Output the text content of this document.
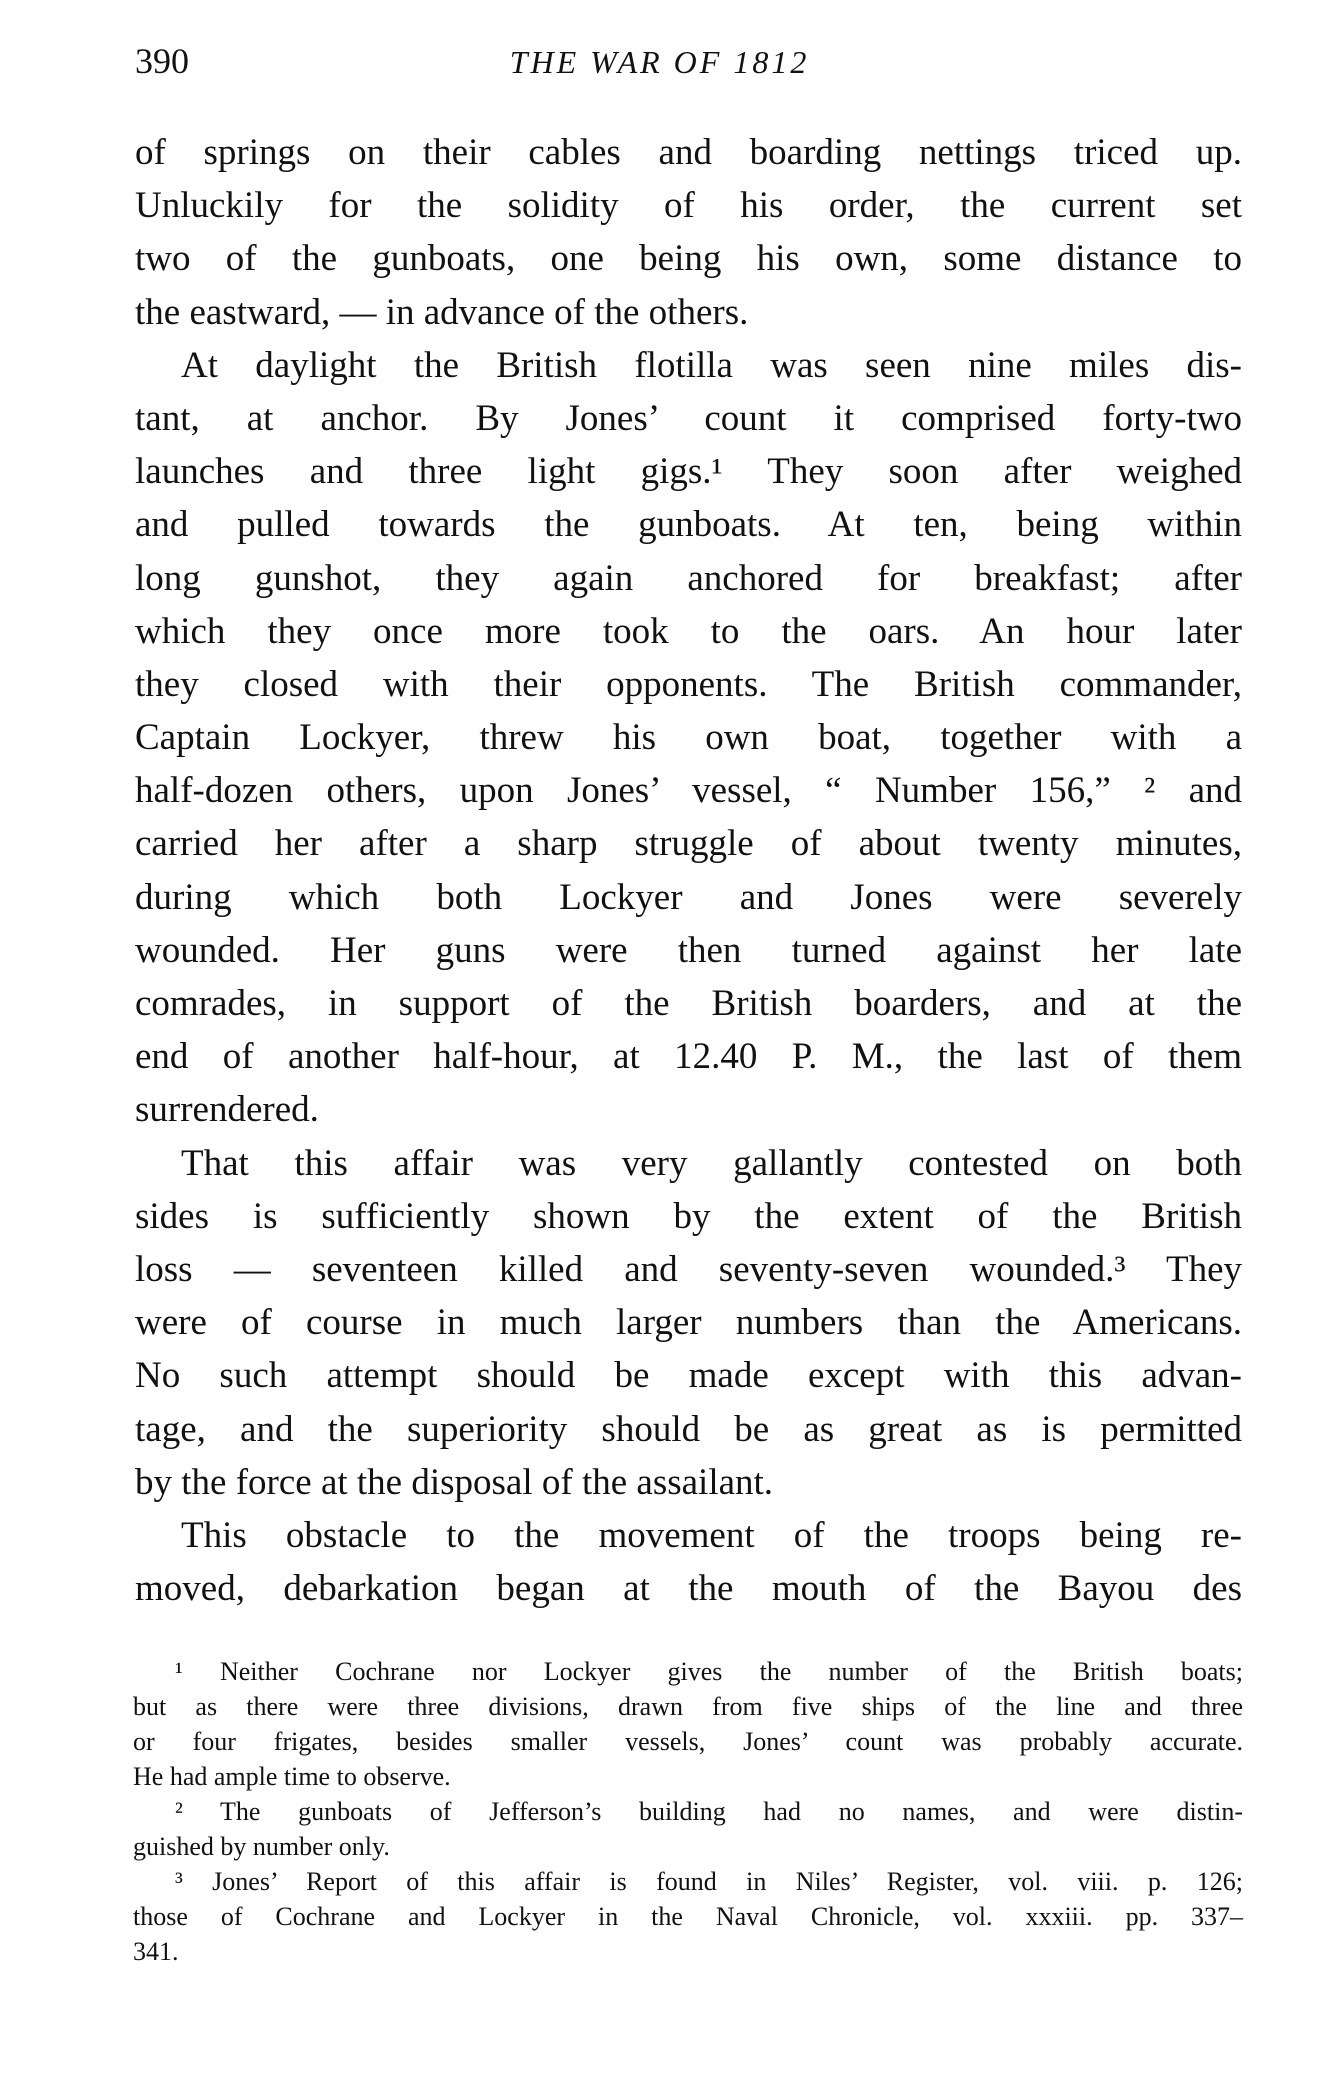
390	THE WAR OF 1812
of springs on their cables and boarding nettings triced up.
Unluckily for the solidity of his order, the current set
two of the gunboats, one being his own, some distance to
the eastward, — in advance of the others.
At daylight the British flotilla was seen nine miles dis-
tant, at anchor. By Jones’ count it comprised forty-two
launches and three light gigs.¹ They soon after weighed
and pulled towards the gunboats. At ten, being within
long gunshot, they again anchored for breakfast; after
which they once more took to the oars. An hour later
they closed with their opponents. The British commander,
Captain Lockyer, threw his own boat, together with a
half-dozen others, upon Jones’ vessel, “ Number 156,” ² and
carried her after a sharp struggle of about twenty minutes,
during which both Lockyer and Jones were severely
wounded. Her guns were then turned against her late
comrades, in support of the British boarders, and at the
end of another half-hour, at 12.40 P. M., the last of them
surrendered.
That this affair was very gallantly contested on both
sides is sufficiently shown by the extent of the British
loss — seventeen killed and seventy-seven wounded.³ They
were of course in much larger numbers than the Americans.
No such attempt should be made except with this advan-
tage, and the superiority should be as great as is permitted
by the force at the disposal of the assailant.
This obstacle to the movement of the troops being re-
moved, debarkation began at the mouth of the Bayou des
¹ Neither Cochrane nor Lockyer gives the number of the British boats;
but as there were three divisions, drawn from five ships of the line and three
or four frigates, besides smaller vessels, Jones’ count was probably accurate.
He had ample time to observe.
² The gunboats of Jefferson’s building had no names, and were distin-
guished by number only.
³ Jones’ Report of this affair is found in Niles’ Register, vol. viii. p. 126;
those of Cochrane and Lockyer in the Naval Chronicle, vol. xxxiii. pp. 337–
341.
